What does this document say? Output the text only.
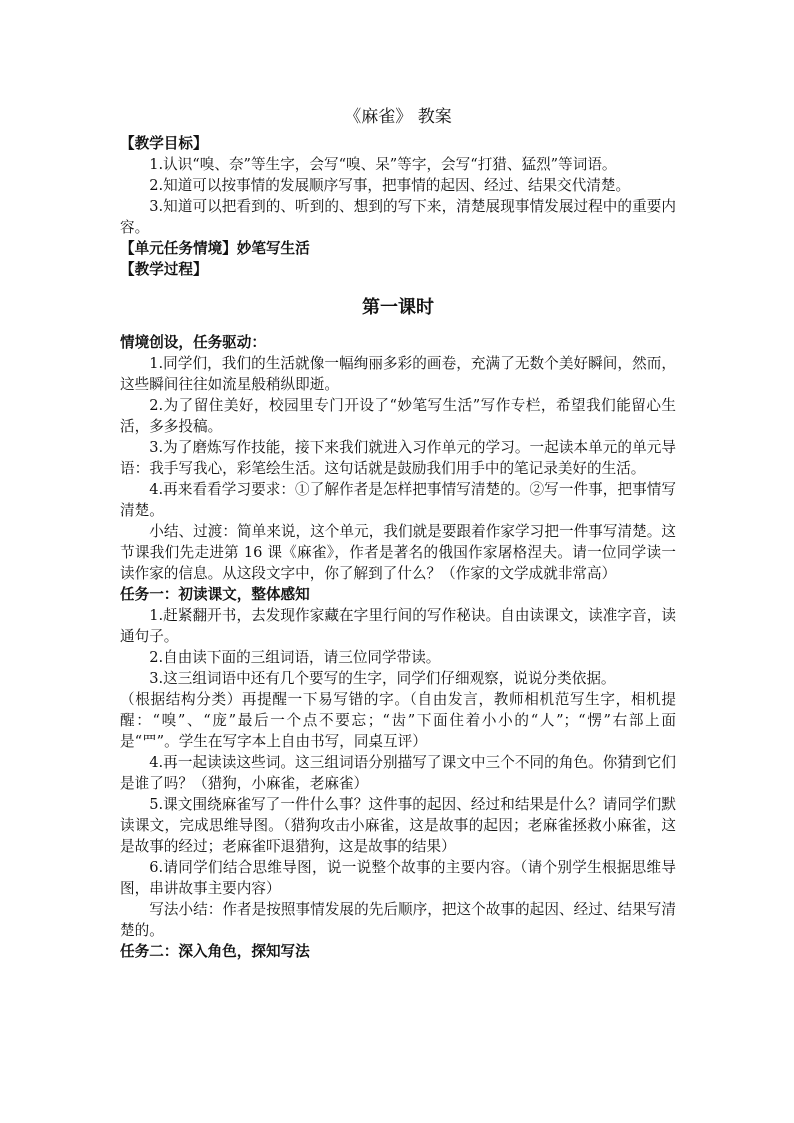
《麻雀》 教案

【教学目标】

1.认识“嗅、奈”等生字，会写“嗅、呆”等字，会写“打猎、猛烈”等词语。

2.知道可以按事情的发展顺序写事，把事情的起因、经过、结果交代清楚。

3.知道可以把看到的、听到的、想到的写下来，清楚展现事情发展过程中的重要内容。

【单元任务情境】妙笔写生活

【教学过程】

第一课时

情境创设，任务驱动：

1.同学们，我们的生活就像一幅绚丽多彩的画卷，充满了无数个美好瞬间，然而，这些瞬间往往如流星般稍纵即逝。

2.为了留住美好，校园里专门开设了“妙笔写生活”写作专栏，希望我们能留心生活，多多投稿。

3.为了磨炼写作技能，接下来我们就进入习作单元的学习。一起读本单元的单元导语：我手写我心，彩笔绘生活。这句话就是鼓励我们用手中的笔记录美好的生活。

4.再来看看学习要求：①了解作者是怎样把事情写清楚的。②写一件事，把事情写清楚。

小结、过渡：简单来说，这个单元，我们就是要跟着作家学习把一件事写清楚。这节课我们先走进第 16 课《麻雀》，作者是著名的俄国作家屠格涅夫。请一位同学读一读作家的信息。从这段文字中，你了解到了什么？（作家的文学成就非常高）

任务一：初读课文，整体感知

1.赶紧翻开书，去发现作家藏在字里行间的写作秘诀。自由读课文，读准字音，读通句子。

2.自由读下面的三组词语，请三位同学带读。

3.这三组词语中还有几个要写的生字，同学们仔细观察，说说分类依据。

（根据结构分类）再提醒一下易写错的字。（自由发言，教师相机范写生字，相机提醒：“嗅”、“庞”最后一个点不要忘；“齿”下面住着小小的“人”；“愣”右部上面是“罒”。学生在写字本上自由书写，同桌互评）

4.再一起读读这些词。这三组词语分别描写了课文中三个不同的角色。你猜到它们是谁了吗？（猎狗，小麻雀，老麻雀）

5.课文围绕麻雀写了一件什么事？这件事的起因、经过和结果是什么？请同学们默读课文，完成思维导图。（猎狗攻击小麻雀，这是故事的起因；老麻雀拯救小麻雀，这是故事的经过；老麻雀吓退猎狗，这是故事的结果）

6.请同学们结合思维导图，说一说整个故事的主要内容。（请个别学生根据思维导图，串讲故事主要内容）

写法小结：作者是按照事情发展的先后顺序，把这个故事的起因、经过、结果写清楚的。

任务二：深入角色，探知写法
